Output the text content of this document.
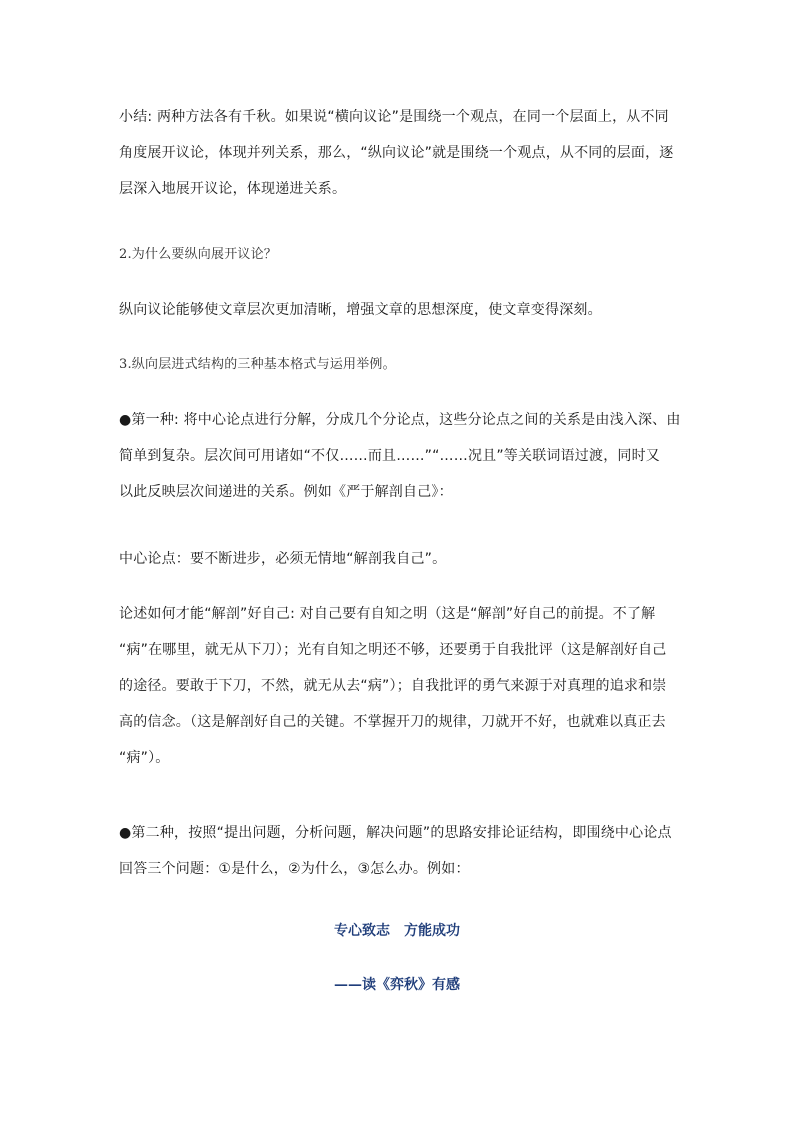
小结: 两种方法各有千秋。如果说“横向议论”是围绕一个观点，在同一个层面上，从不同
角度展开议论，体现并列关系，那么，“纵向议论”就是围绕一个观点，从不同的层面，逐
层深入地展开议论，体现递进关系。
2.为什么要纵向展开议论？
纵向议论能够使文章层次更加清晰，增强文章的思想深度，使文章变得深刻。
3.纵向层进式结构的三种基本格式与运用举例。
●第一种: 将中心论点进行分解，分成几个分论点，这些分论点之间的关系是由浅入深、由
简单到复杂。层次间可用诸如“不仅……而且……”“……况且”等关联词语过渡，同时又
以此反映层次间递进的关系。例如《严于解剖自己》：
中心论点：要不断进步，必须无情地“解剖我自己”。
论述如何才能“解剖”好自己: 对自己要有自知之明（这是“解剖”好自己的前提。不了解
“病”在哪里，就无从下刀）；光有自知之明还不够，还要勇于自我批评（这是解剖好自己
的途径。要敢于下刀，不然，就无从去“病”）；自我批评的勇气来源于对真理的追求和崇
高的信念。（这是解剖好自己的关键。不掌握开刀的规律，刀就开不好，也就难以真正去
“病”）。
●第二种，按照“提出问题，分析问题，解决问题”的思路安排论证结构，即围绕中心论点
回答三个问题：①是什么，②为什么，③怎么办。例如：
专心致志　方能成功
——读《弈秋》有感
